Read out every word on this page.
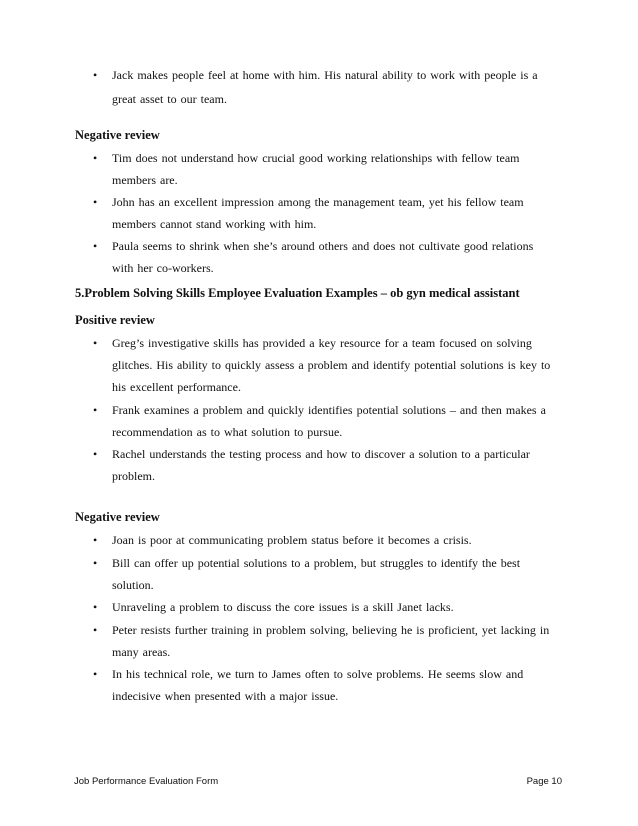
• Jack makes people feel at home with him. His natural ability to work with people is a
great asset to our team.
Negative review
• Tim does not understand how crucial good working relationships with fellow team
members are.
• John has an excellent impression among the management team, yet his fellow team
members cannot stand working with him.
• Paula seems to shrink when she’s around others and does not cultivate good relations
with her co-workers.
5.Problem Solving Skills Employee Evaluation Examples – ob gyn medical assistant
Positive review
• Greg’s investigative skills has provided a key resource for a team focused on solving
glitches. His ability to quickly assess a problem and identify potential solutions is key to
his excellent performance.
• Frank examines a problem and quickly identifies potential solutions – and then makes a
recommendation as to what solution to pursue.
• Rachel understands the testing process and how to discover a solution to a particular
problem.
Negative review
• Joan is poor at communicating problem status before it becomes a crisis.
• Bill can offer up potential solutions to a problem, but struggles to identify the best
solution.
• Unraveling a problem to discuss the core issues is a skill Janet lacks.
• Peter resists further training in problem solving, believing he is proficient, yet lacking in
many areas.
• In his technical role, we turn to James often to solve problems. He seems slow and
indecisive when presented with a major issue.
Job Performance Evaluation Form	Page 10
